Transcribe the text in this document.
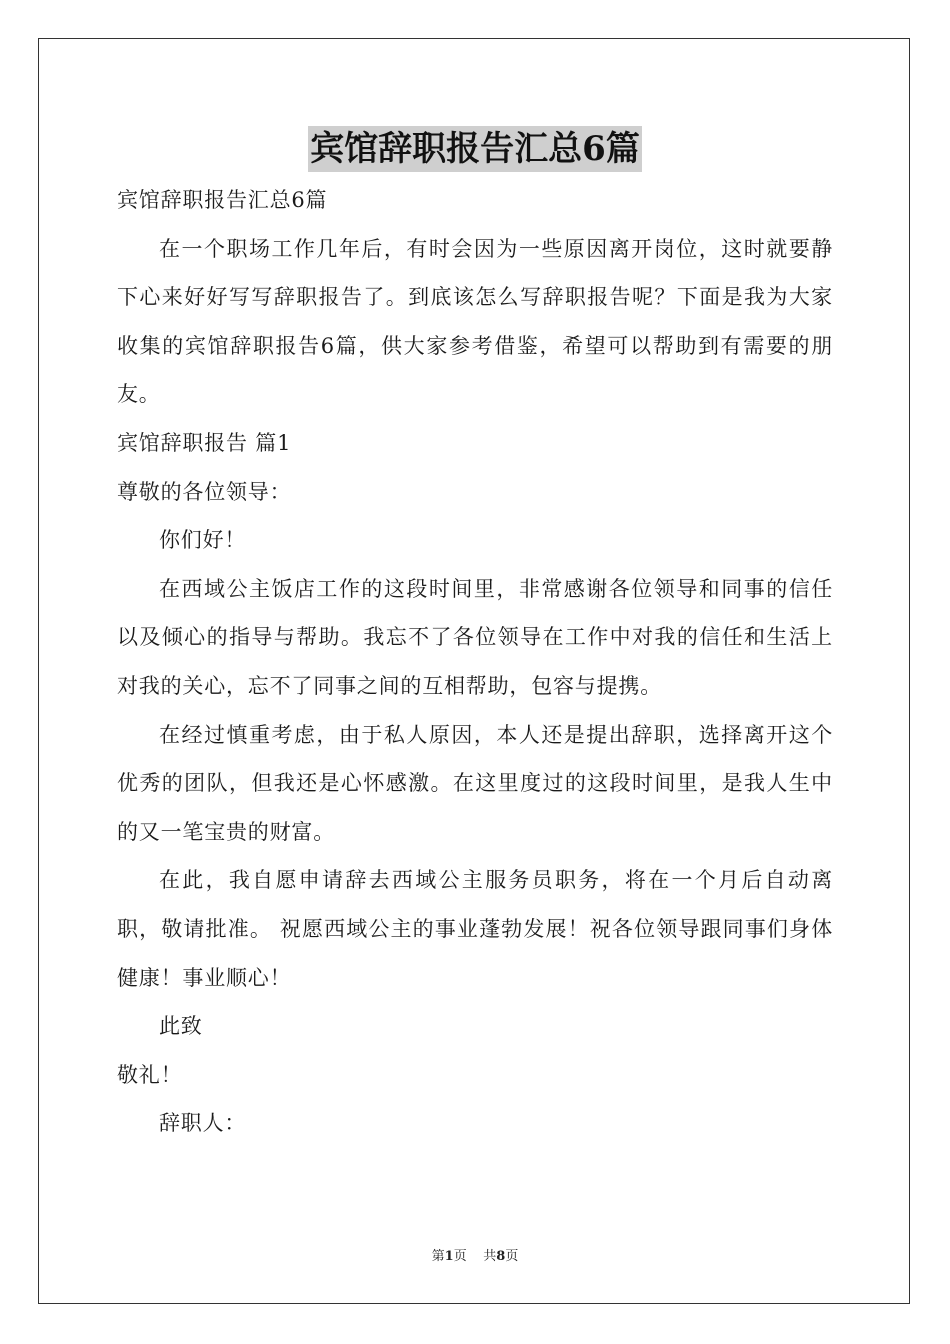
宾馆辞职报告汇总6篇

宾馆辞职报告汇总6篇

在一个职场工作几年后，有时会因为一些原因离开岗位，这时就要静下心来好好写写辞职报告了。到底该怎么写辞职报告呢？下面是我为大家收集的宾馆辞职报告6篇，供大家参考借鉴，希望可以帮助到有需要的朋友。

宾馆辞职报告 篇1

尊敬的各位领导：

你们好！

在西域公主饭店工作的这段时间里，非常感谢各位领导和同事的信任以及倾心的指导与帮助。我忘不了各位领导在工作中对我的信任和生活上对我的关心，忘不了同事之间的互相帮助，包容与提携。

在经过慎重考虑，由于私人原因，本人还是提出辞职，选择离开这个优秀的团队，但我还是心怀感激。在这里度过的这段时间里，是我人生中的又一笔宝贵的财富。

在此，我自愿申请辞去西域公主服务员职务，将在一个月后自动离职，敬请批准。 祝愿西域公主的事业蓬勃发展！祝各位领导跟同事们身体健康！事业顺心！

此致

敬礼！

辞职人：

第1页 共8页
